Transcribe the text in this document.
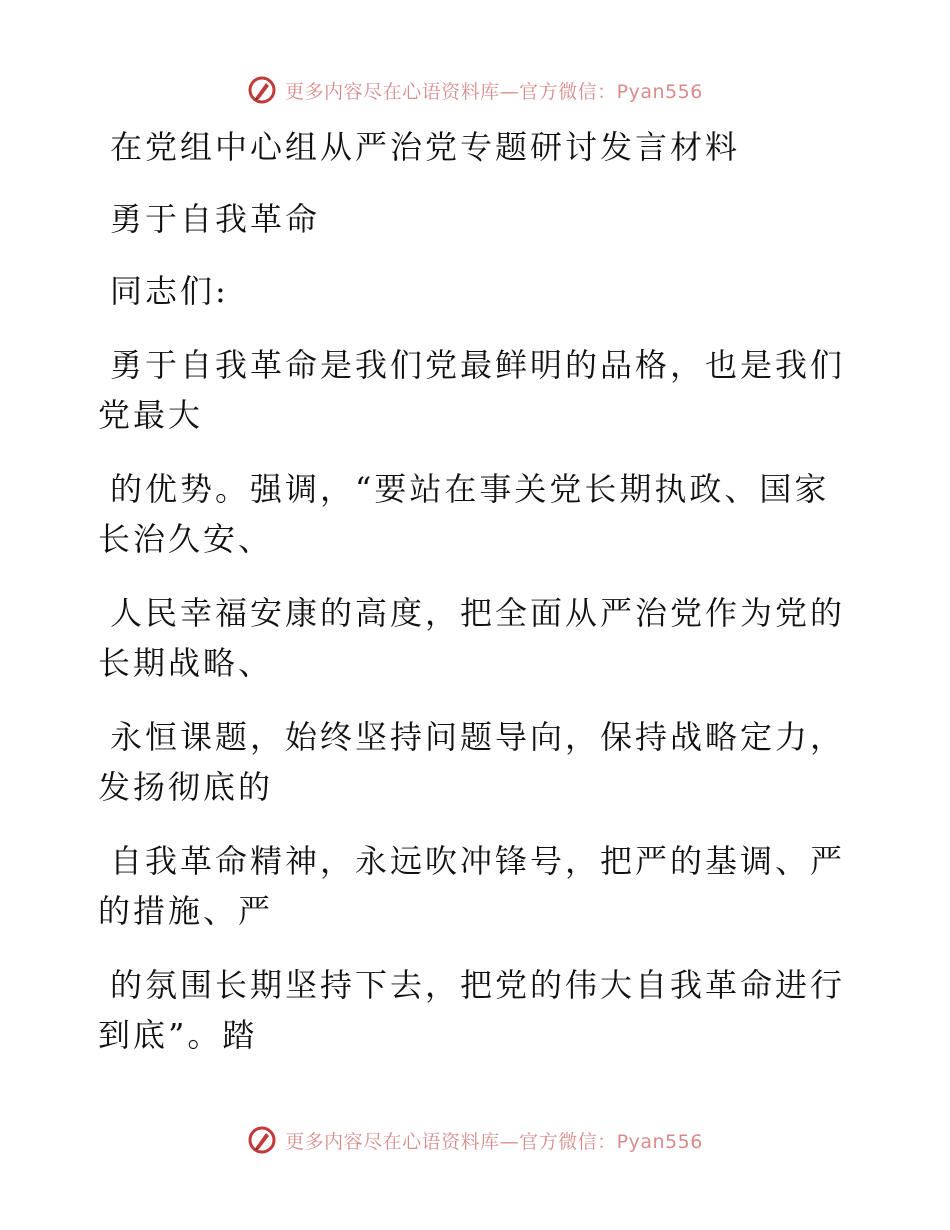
更多内容尽在心语资料库—官方微信：Pyan556

在党组中心组从严治党专题研讨发言材料

勇于自我革命

同志们:

勇于自我革命是我们党最鲜明的品格，也是我们

党最大

的优势。强调，“要站在事关党长期执政、国家

长治久安、

人民幸福安康的高度，把全面从严治党作为党的

长期战略、

永恒课题，始终坚持问题导向，保持战略定力，

发扬彻底的

自我革命精神，永远吹冲锋号，把严的基调、严

的措施、严

的氛围长期坚持下去，把党的伟大自我革命进行

到底”。踏

更多内容尽在心语资料库—官方微信：Pyan556
